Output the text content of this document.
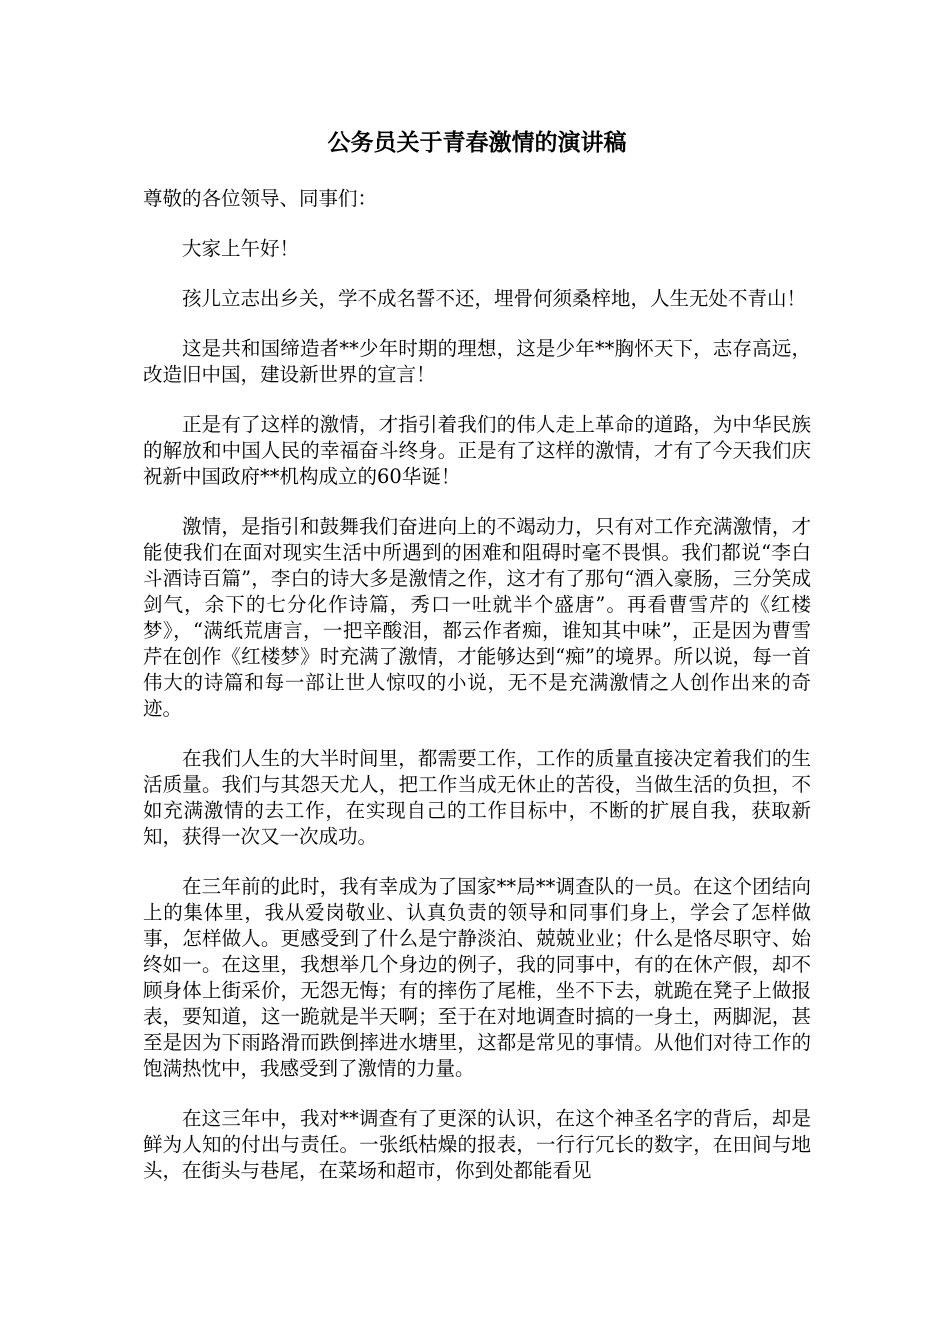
公务员关于青春激情的演讲稿
尊敬的各位领导、同事们：

大家上午好！

孩儿立志出乡关，学不成名誓不还，埋骨何须桑梓地，人生无处不青山！

这是共和国缔造者**少年时期的理想，这是少年**胸怀天下，志存高远，改造旧中国，建设新世界的宣言！

正是有了这样的激情，才指引着我们的伟人走上革命的道路，为中华民族的解放和中国人民的幸福奋斗终身。正是有了这样的激情，才有了今天我们庆祝新中国政府**机构成立的60华诞！

激情，是指引和鼓舞我们奋进向上的不竭动力，只有对工作充满激情，才能使我们在面对现实生活中所遇到的困难和阻碍时毫不畏惧。我们都说“李白斗酒诗百篇”，李白的诗大多是激情之作，这才有了那句“酒入豪肠，三分笑成剑气，余下的七分化作诗篇，秀口一吐就半个盛唐”。再看曹雪芹的《红楼梦》，“满纸荒唐言，一把辛酸泪，都云作者痴，谁知其中味”，正是因为曹雪芹在创作《红楼梦》时充满了激情，才能够达到“痴”的境界。所以说，每一首伟大的诗篇和每一部让世人惊叹的小说，无不是充满激情之人创作出来的奇迹。

在我们人生的大半时间里，都需要工作，工作的质量直接决定着我们的生活质量。我们与其怨天尤人，把工作当成无休止的苦役，当做生活的负担，不如充满激情的去工作，在实现自己的工作目标中，不断的扩展自我，获取新知，获得一次又一次成功。

在三年前的此时，我有幸成为了国家**局**调查队的一员。在这个团结向上的集体里，我从爱岗敬业、认真负责的领导和同事们身上，学会了怎样做事，怎样做人。更感受到了什么是宁静淡泊、兢兢业业；什么是恪尽职守、始终如一。在这里，我想举几个身边的例子，我的同事中，有的在休产假，却不顾身体上街采价，无怨无悔；有的摔伤了尾椎，坐不下去，就跪在凳子上做报表，要知道，这一跪就是半天啊；至于在对地调查时搞的一身土，两脚泥，甚至是因为下雨路滑而跌倒摔进水塘里，这都是常见的事情。从他们对待工作的饱满热忱中，我感受到了激情的力量。

在这三年中，我对**调查有了更深的认识，在这个神圣名字的背后，却是鲜为人知的付出与责任。一张纸枯燥的报表，一行行冗长的数字，在田间与地头，在街头与巷尾，在菜场和超市，你到处都能看见
